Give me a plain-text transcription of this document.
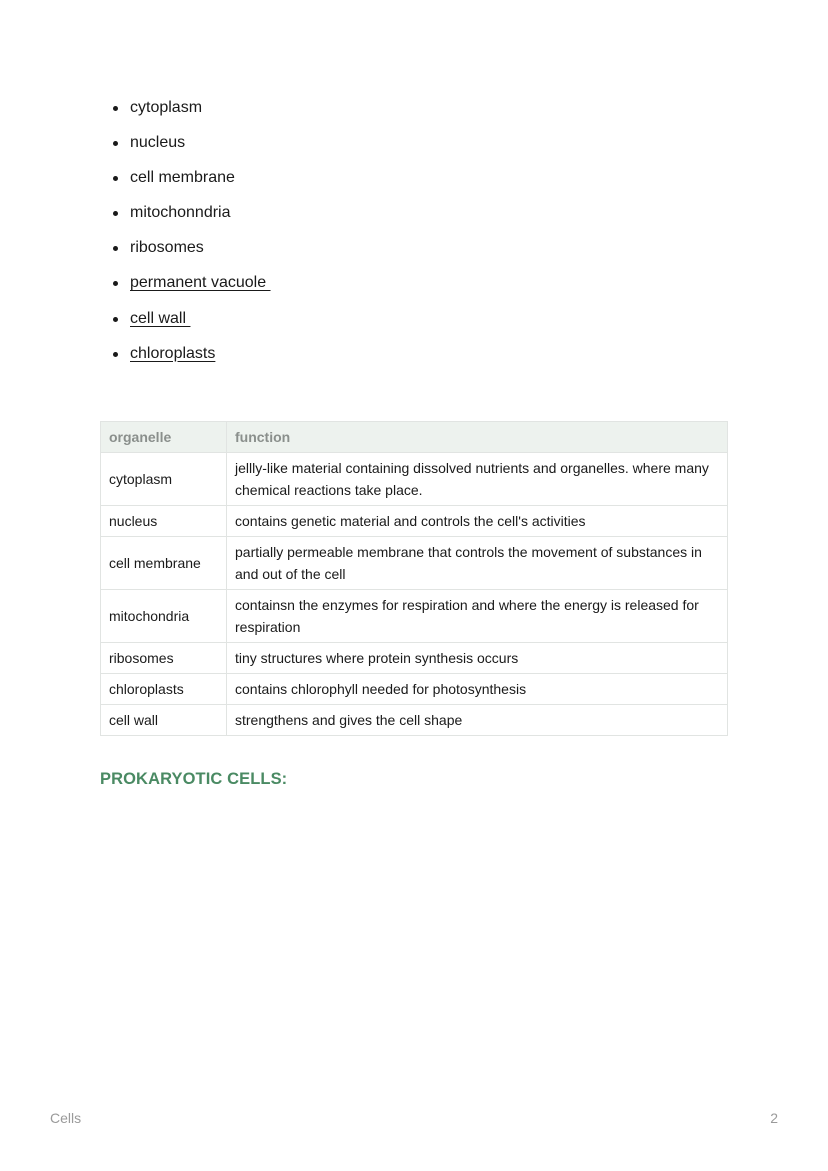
cytoplasm
nucleus
cell membrane
mitochonndria
ribosomes
permanent vacuole
cell wall
chloroplasts
organelle	function
cytoplasm	jellly-like material containing dissolved nutrients and organelles. where many chemical reactions take place.
nucleus	contains genetic material and controls the cell's activities
cell membrane	partially permeable membrane that controls the movement of substances in and out of the cell
mitochondria	containsn the enzymes for respiration and where the energy is released for respiration
ribosomes	tiny structures where protein synthesis occurs
chloroplasts	contains chlorophyll needed for photosynthesis
cell wall	strengthens and gives the cell shape
PROKARYOTIC CELLS:
Cells	2
